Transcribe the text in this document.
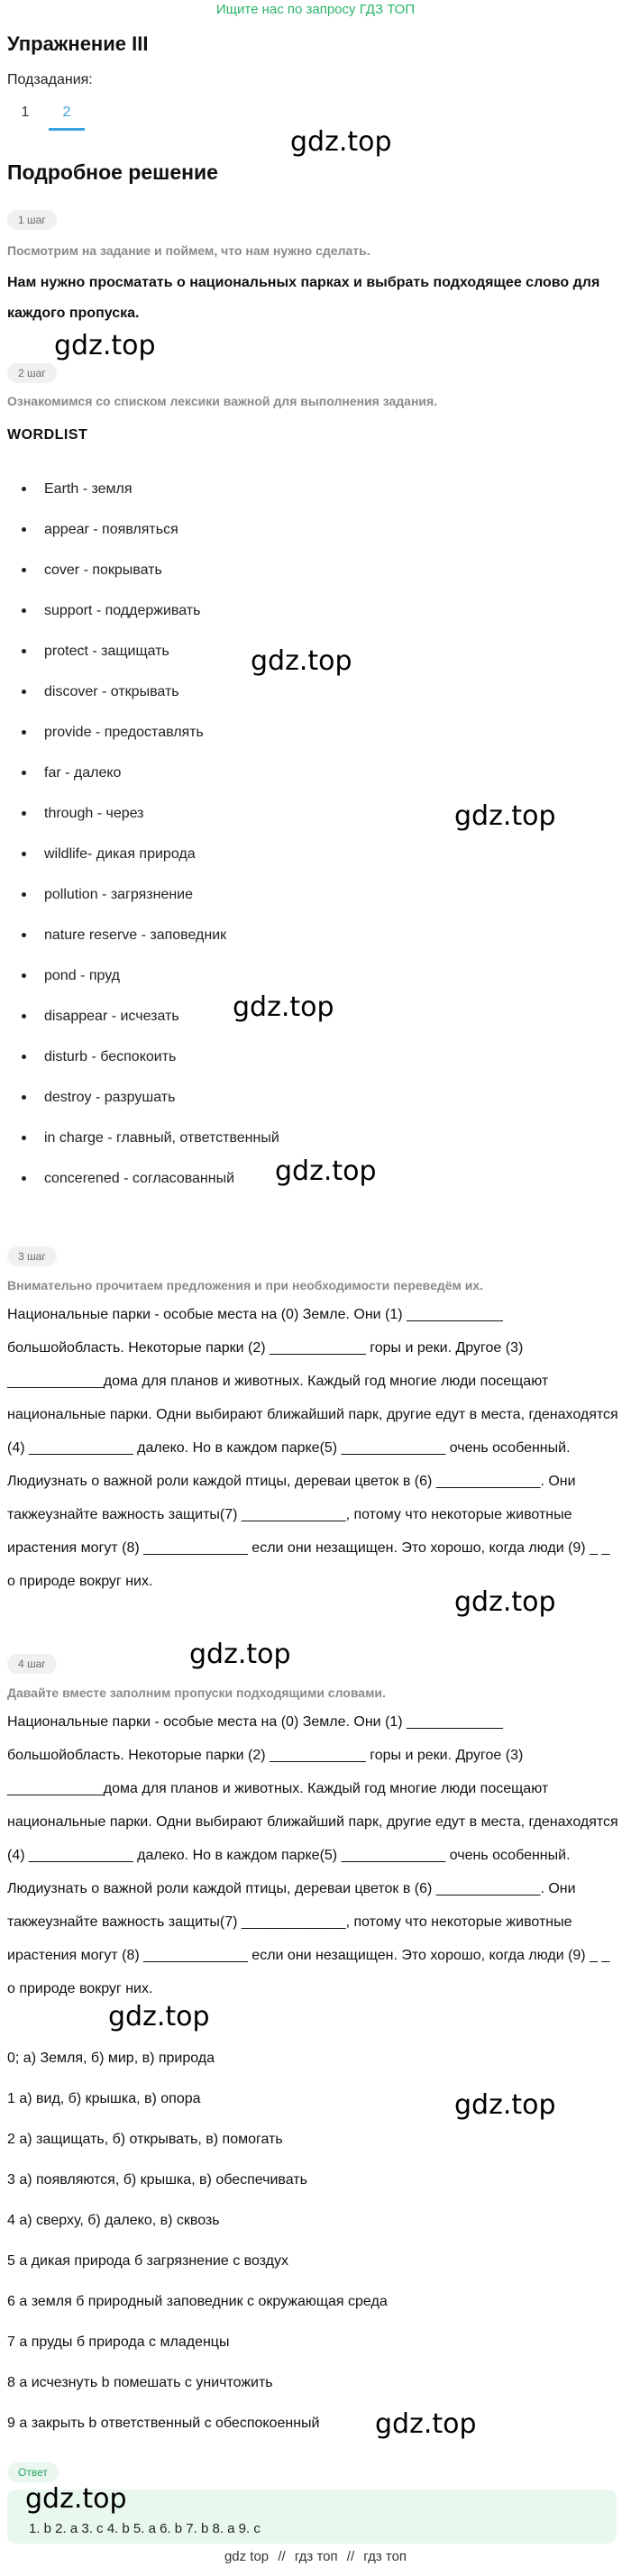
Ищите нас по запросу ГДЗ ТОП
Упражнение III
Подзадания:
1	2
Подробное решение
1 шаг
Посмотрим на задание и поймем, что нам нужно сделать.
Нам нужно просматать о национальных парках и выбрать подходящее слово для каждого пропуска.
2 шаг
Ознакомимся со списком лексики важной для выполнения задания.
WORDLIST
Earth - земля
appear - появляться
cover - покрывать
support - поддерживать
protect - защищать
discover - открывать
provide - предоставлять
far - далеко
through - через
wildlife- дикая природа
pollution - загрязнение
nature reserve - заповедник
pond - пруд
disappear - исчезать
disturb - беспокоить
destroy - разрушать
in charge - главный, ответственный
concerened - согласованный
3 шаг
Внимательно прочитаем предложения и при необходимости переведём их.
Национальные парки - особые места на (0) Земле. Они (1) ____________ большойобласть. Некоторые парки (2) ____________ горы и реки. Другое (3) ____________дома для планов и животных. Каждый год многие люди посещают национальные парки. Одни выбирают ближайший парк, другие едут в места, гденаходятся (4) _____________ далеко. Но в каждом парке(5) _____________ очень особенный. Людиузнать о важной роли каждой птицы, дереваи цветок в (6) _____________. Они такжеузнайте важность защиты(7) _____________, потому что некоторые животные ирастения могут (8) _____________ если они незащищен. Это хорошо, когда люди (9) _ _ о природе вокруг них.
4 шаг
Давайте вместе заполним пропуски подходящими словами.
Национальные парки - особые места на (0) Земле. Они (1) ____________ большойобласть. Некоторые парки (2) ____________ горы и реки. Другое (3) ____________дома для планов и животных. Каждый год многие люди посещают национальные парки. Одни выбирают ближайший парк, другие едут в места, гденаходятся (4) _____________ далеко. Но в каждом парке(5) _____________ очень особенный. Людиузнать о важной роли каждой птицы, дереваи цветок в (6) _____________. Они такжеузнайте важность защиты(7) _____________, потому что некоторые животные ирастения могут (8) _____________ если они незащищен. Это хорошо, когда люди (9) _ _ о природе вокруг них.
0; а) Земля, б) мир, в) природа
1 а) вид, б) крышка, в) опора
2 а) защищать, б) открывать, в) помогать
3 а) появляются, б) крышка, в) обеспечивать
4 а) сверху, б) далеко, в) сквозь
5 а дикая природа б загрязнение с воздух
6 а земля б природный заповедник с окружающая среда
7 а пруды б природа с младенцы
8 а исчезнуть b помешать с уничтожить
9 а закрыть b ответственный с обеспокоенный
Ответ
1. b 2. a 3. c 4. b 5. a 6. b 7. b 8. a 9. c
gdz top // гдз топ // гдз топ
gdz.top
gdz.top
gdz.top
gdz.top
gdz.top
gdz.top
gdz.top
gdz.top
gdz.top
gdz.top
gdz.top
gdz.top
